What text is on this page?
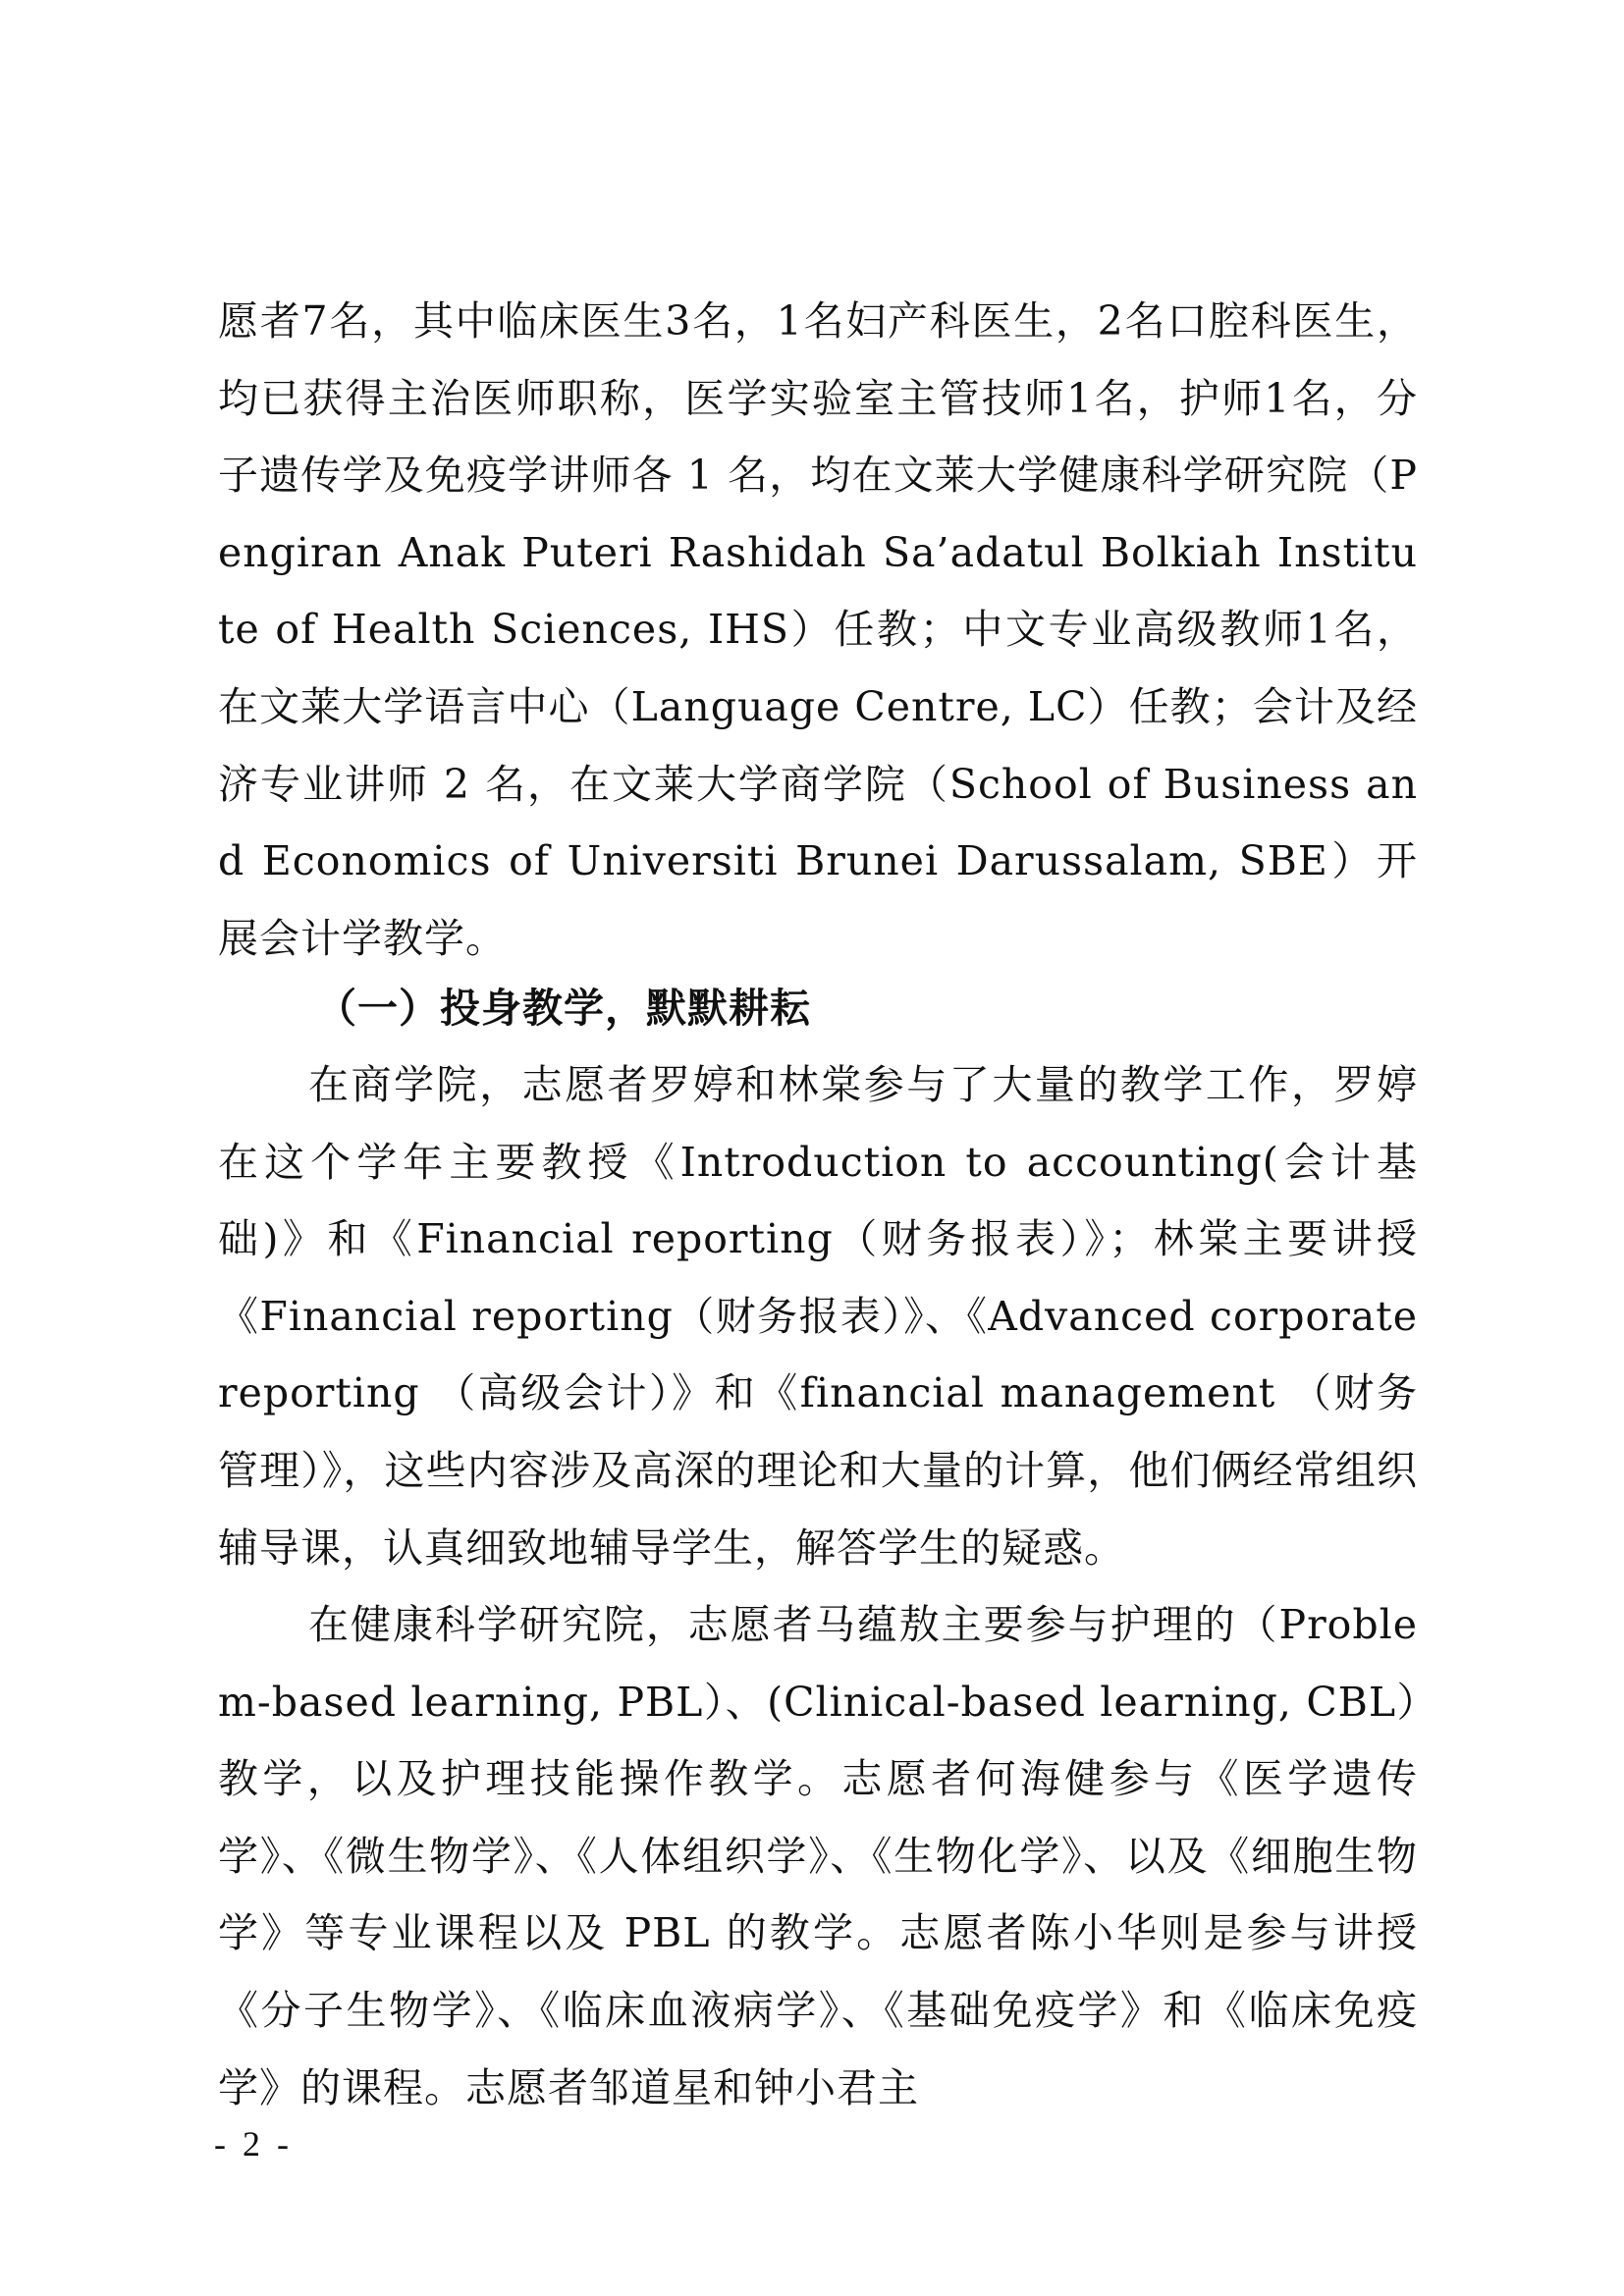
愿者7名，其中临床医生3名，1名妇产科医生，2名口腔科医生，均已获得主治医师职称，医学实验室主管技师1名，护师1名，分子遗传学及免疫学讲师各 1 名，均在文莱大学健康科学研究院（Pengiran Anak Puteri Rashidah Sa’adatul Bolkiah Institute of Health Sciences, IHS）任教；中文专业高级教师1名，在文莱大学语言中心（Language Centre, LC）任教；会计及经济专业讲师 2 名，在文莱大学商学院（School of Business and Economics of Universiti Brunei Darussalam, SBE）开展会计学教学。

（一）投身教学，默默耕耘

在商学院，志愿者罗婷和林棠参与了大量的教学工作，罗婷在这个学年主要教授《Introduction to accounting(会计基础)》和《Financial reporting（财务报表）》；林棠主要讲授《Financial reporting（财务报表）》、《Advanced corporate reporting （高级会计）》和《financial management （财务管理）》，这些内容涉及高深的理论和大量的计算，他们俩经常组织辅导课，认真细致地辅导学生，解答学生的疑惑。

在健康科学研究院，志愿者马蕴敖主要参与护理的（Problem-based learning, PBL）、(Clinical-based learning, CBL）教学，以及护理技能操作教学。志愿者何海健参与《医学遗传学》、《微生物学》、《人体组织学》、《生物化学》、以及《细胞生物学》等专业课程以及 PBL 的教学。志愿者陈小华则是参与讲授《分子生物学》、《临床血液病学》、《基础免疫学》和《临床免疫学》的课程。志愿者邹道星和钟小君主

- 2 -
